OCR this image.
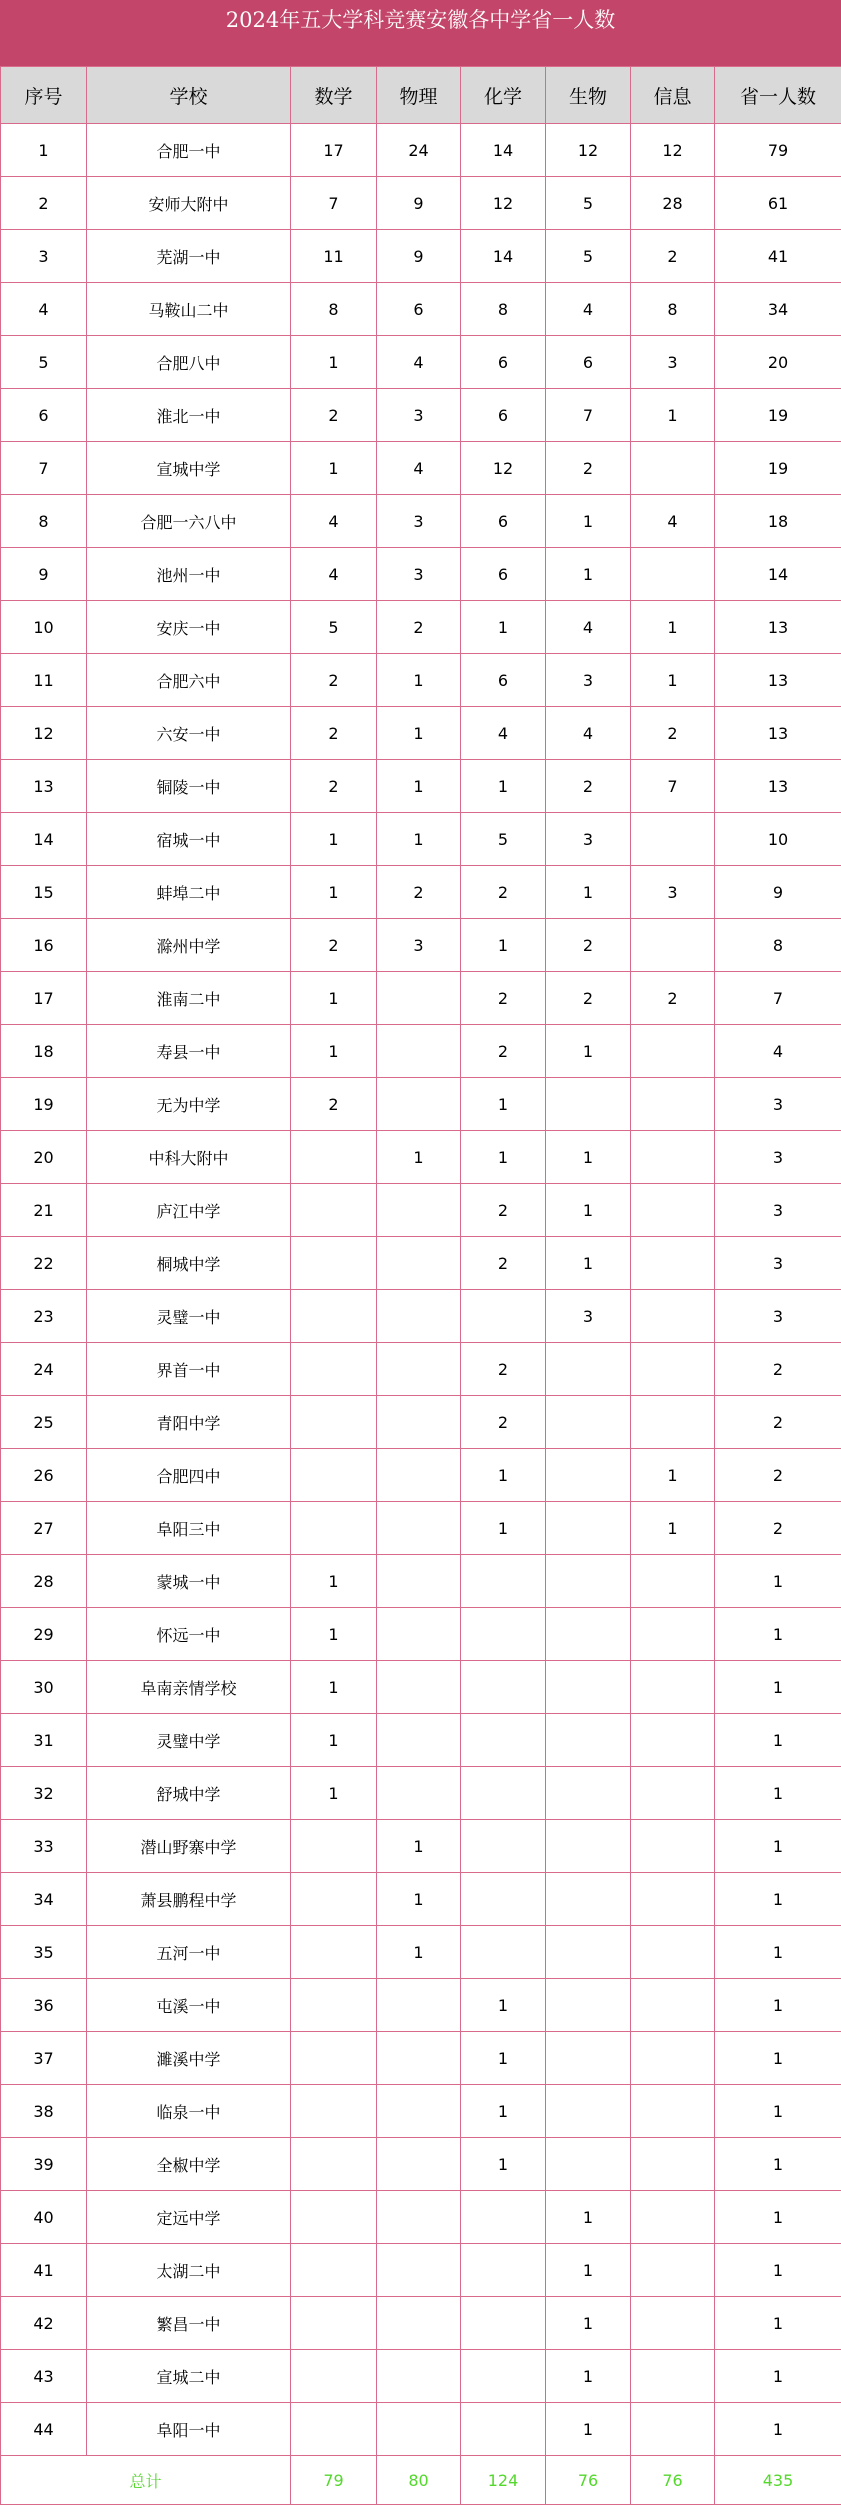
2024年五大学科竞赛安徽各中学省一人数
序号	学校	数学	物理	化学	生物	信息	省一人数
1	合肥一中	17	24	14	12	12	79
2	安师大附中	7	9	12	5	28	61
3	芜湖一中	11	9	14	5	2	41
4	马鞍山二中	8	6	8	4	8	34
5	合肥八中	1	4	6	6	3	20
6	淮北一中	2	3	6	7	1	19
7	宣城中学	1	4	12	2		19
8	合肥一六八中	4	3	6	1	4	18
9	池州一中	4	3	6	1		14
10	安庆一中	5	2	1	4	1	13
11	合肥六中	2	1	6	3	1	13
12	六安一中	2	1	4	4	2	13
13	铜陵一中	2	1	1	2	7	13
14	宿城一中	1	1	5	3		10
15	蚌埠二中	1	2	2	1	3	9
16	滁州中学	2	3	1	2		8
17	淮南二中	1		2	2	2	7
18	寿县一中	1		2	1		4
19	无为中学	2		1			3
20	中科大附中		1	1	1		3
21	庐江中学			2	1		3
22	桐城中学			2	1		3
23	灵璧一中				3		3
24	界首一中			2			2
25	青阳中学			2			2
26	合肥四中			1		1	2
27	阜阳三中			1		1	2
28	蒙城一中	1					1
29	怀远一中	1					1
30	阜南亲情学校	1					1
31	灵璧中学	1					1
32	舒城中学	1					1
33	潜山野寨中学		1				1
34	萧县鹏程中学		1				1
35	五河一中		1				1
36	屯溪一中			1			1
37	濉溪中学			1			1
38	临泉一中			1			1
39	全椒中学			1			1
40	定远中学				1		1
41	太湖二中				1		1
42	繁昌一中				1		1
43	宣城二中				1		1
44	阜阳一中				1		1
总计		79	80	124	76	76	435
